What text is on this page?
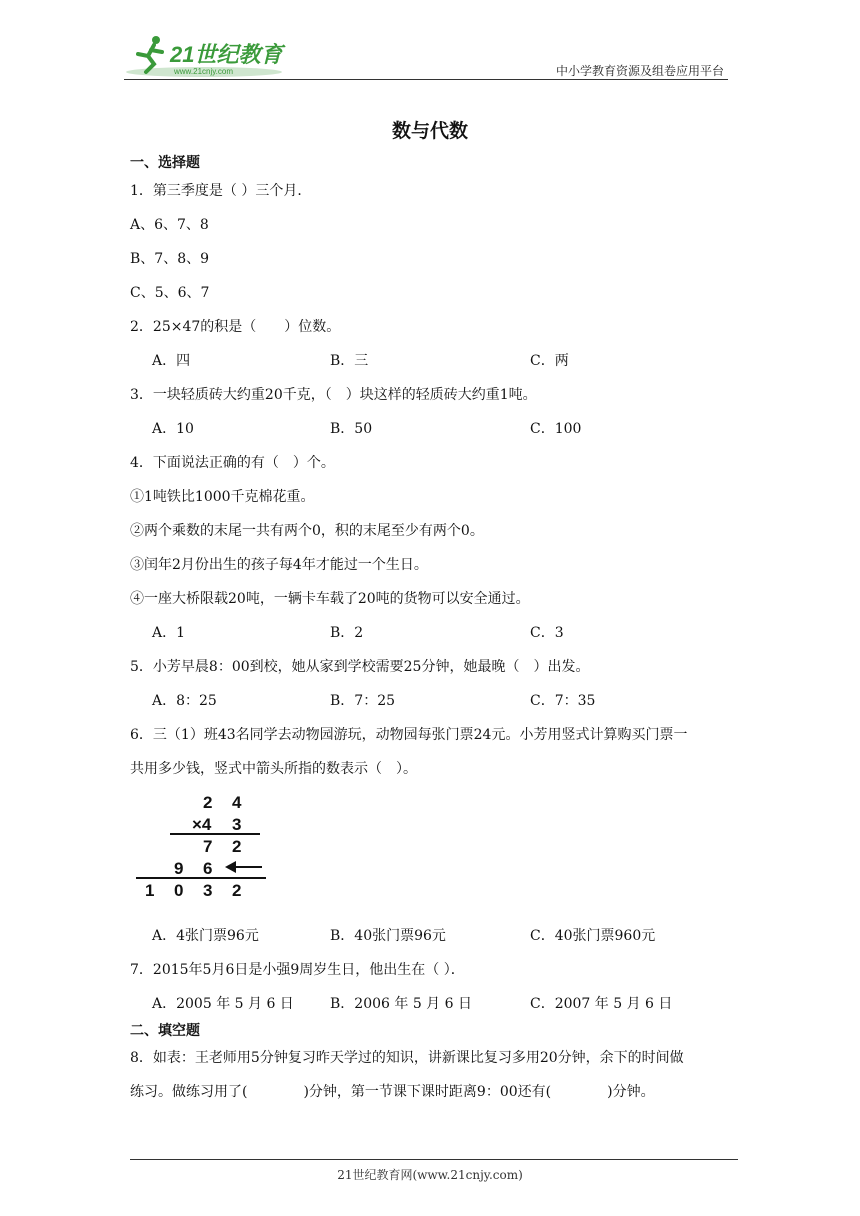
21世纪教育
www.21cnjy.com	中小学教育资源及组卷应用平台
数与代数
一、选择题
1．第三季度是（ ）三个月．
A、6、7、8
B、7、8、9
C、5、6、7
2．25×47的积是（　　）位数。
A．四	B．三	C．两
3．一块轻质砖大约重20千克，（　）块这样的轻质砖大约重1吨。
A．10	B．50	C．100
4．下面说法正确的有（　）个。
①1吨铁比1000千克棉花重。
②两个乘数的末尾一共有两个0，积的末尾至少有两个0。
③闰年2月份出生的孩子每4年才能过一个生日。
④一座大桥限载20吨，一辆卡车载了20吨的货物可以安全通过。
A．1	B．2	C．3
5．小芳早晨8：00到校，她从家到学校需要25分钟，她最晚（　）出发。
A．8：25	B．7：25	C．7：35
6．三（1）班43名同学去动物园游玩，动物园每张门票24元。小芳用竖式计算购买门票一
共用多少钱，竖式中箭头所指的数表示（　）。
2 4
×4 3
7 2
9 6
1 0 3 2
A．4张门票96元	B．40张门票96元	C．40张门票960元
7．2015年5月6日是小强9周岁生日，他出生在（ ）．
A．2005 年 5 月 6 日	B．2006 年 5 月 6 日	C．2007 年 5 月 6 日
二、填空题
8．如表：王老师用5分钟复习昨天学过的知识，讲新课比复习多用20分钟，余下的时间做
练习。做练习用了(　　　　)分钟，第一节课下课时距离9：00还有(　　　　)分钟。
21世纪教育网(www.21cnjy.com)
